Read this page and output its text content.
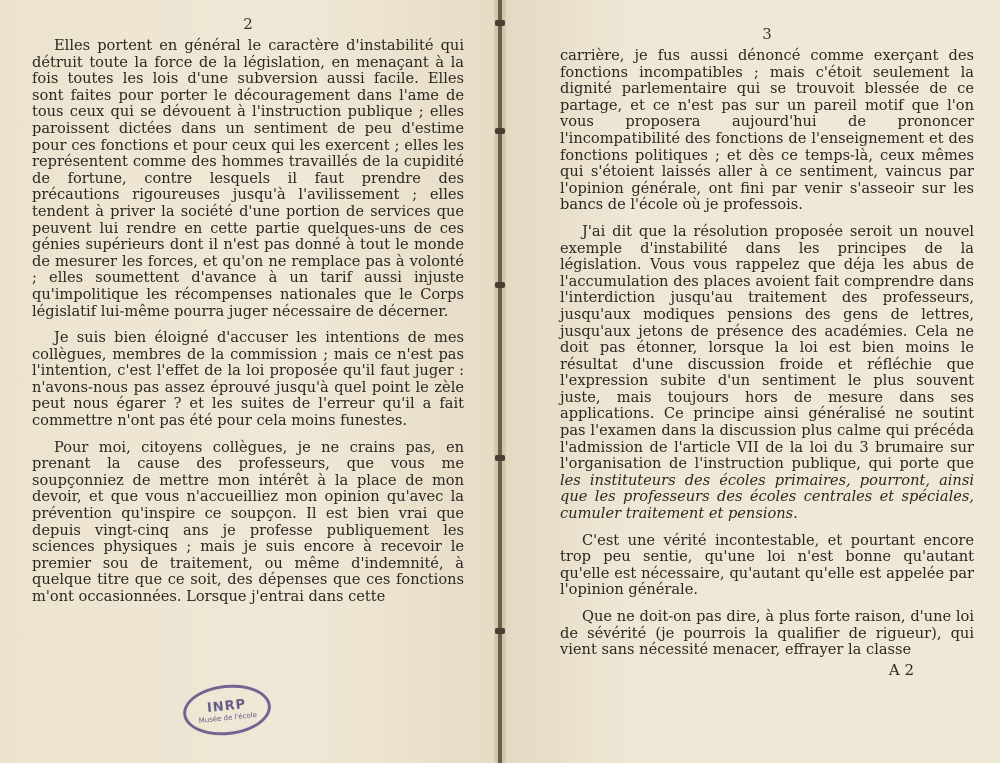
2

Elles portent en général le caractère d'instabilité qui détruit toute la force de la législation, en menaçant à la fois toutes les lois d'une subversion aussi facile. Elles sont faites pour porter le découragement dans l'ame de tous ceux qui se dévouent à l'instruction publique ; elles paroissent dictées dans un sentiment de peu d'estime pour ces fonctions et pour ceux qui les exercent ; elles les représentent comme des hommes travaillés de la cupidité de fortune, contre lesquels il faut prendre des précautions rigoureuses jusqu'à l'avilissement ; elles tendent à priver la société d'une portion de services que peuvent lui rendre en cette partie quelques-uns de ces génies supérieurs dont il n'est pas donné à tout le monde de mesurer les forces, et qu'on ne remplace pas à volonté ; elles soumettent d'avance à un tarif aussi injuste qu'impolitique les récompenses nationales que le Corps législatif lui-même pourra juger nécessaire de décerner.

Je suis bien éloigné d'accuser les intentions de mes collègues, membres de la commission ; mais ce n'est pas l'intention, c'est l'effet de la loi proposée qu'il faut juger : n'avons-nous pas assez éprouvé jusqu'à quel point le zèle peut nous égarer ? et les suites de l'erreur qu'il a fait commettre n'ont pas été pour cela moins funestes.

Pour moi, citoyens collègues, je ne crains pas, en prenant la cause des professeurs, que vous me soupçonniez de mettre mon intérêt à la place de mon devoir, et que vous n'accueilliez mon opinion qu'avec la prévention qu'inspire ce soupçon. Il est bien vrai que depuis vingt-cinq ans je professe publiquement les sciences physiques ; mais je suis encore à recevoir le premier sou de traitement, ou même d'indemnité, à quelque titre que ce soit, des dépenses que ces fonctions m'ont occasionnées. Lorsque j'entrai dans cette

3

carrière, je fus aussi dénoncé comme exerçant des fonctions incompatibles ; mais c'étoit seulement la dignité parlementaire qui se trouvoit blessée de ce partage, et ce n'est pas sur un pareil motif que l'on vous proposera aujourd'hui de prononcer l'incompatibilité des fonctions de l'enseignement et des fonctions politiques ; et dès ce temps-là, ceux mêmes qui s'étoient laissés aller à ce sentiment, vaincus par l'opinion générale, ont fini par venir s'asseoir sur les bancs de l'école où je professois.

J'ai dit que la résolution proposée seroit un nouvel exemple d'instabilité dans les principes de la législation. Vous vous rappelez que déja les abus de l'accumulation des places avoient fait comprendre dans l'interdiction jusqu'au traitement des professeurs, jusqu'aux modiques pensions des gens de lettres, jusqu'aux jetons de présence des académies. Cela ne doit pas étonner, lorsque la loi est bien moins le résultat d'une discussion froide et réfléchie que l'expression subite d'un sentiment le plus souvent juste, mais toujours hors de mesure dans ses applications. Ce principe ainsi généralisé ne soutint pas l'examen dans la discussion plus calme qui précéda l'admission de l'article VII de la loi du 3 brumaire sur l'organisation de l'instruction publique, qui porte que les instituteurs des écoles primaires, pourront, ainsi que les professeurs des écoles centrales et spéciales, cumuler traitement et pensions.

C'est une vérité incontestable, et pourtant encore trop peu sentie, qu'une loi n'est bonne qu'autant qu'elle est nécessaire, qu'autant qu'elle est appelée par l'opinion générale.

Que ne doit-on pas dire, à plus forte raison, d'une loi de sévérité (je pourrois la qualifier de rigueur), qui vient sans nécessité menacer, effrayer la classe

A 2
INRP
Musée de l'école
